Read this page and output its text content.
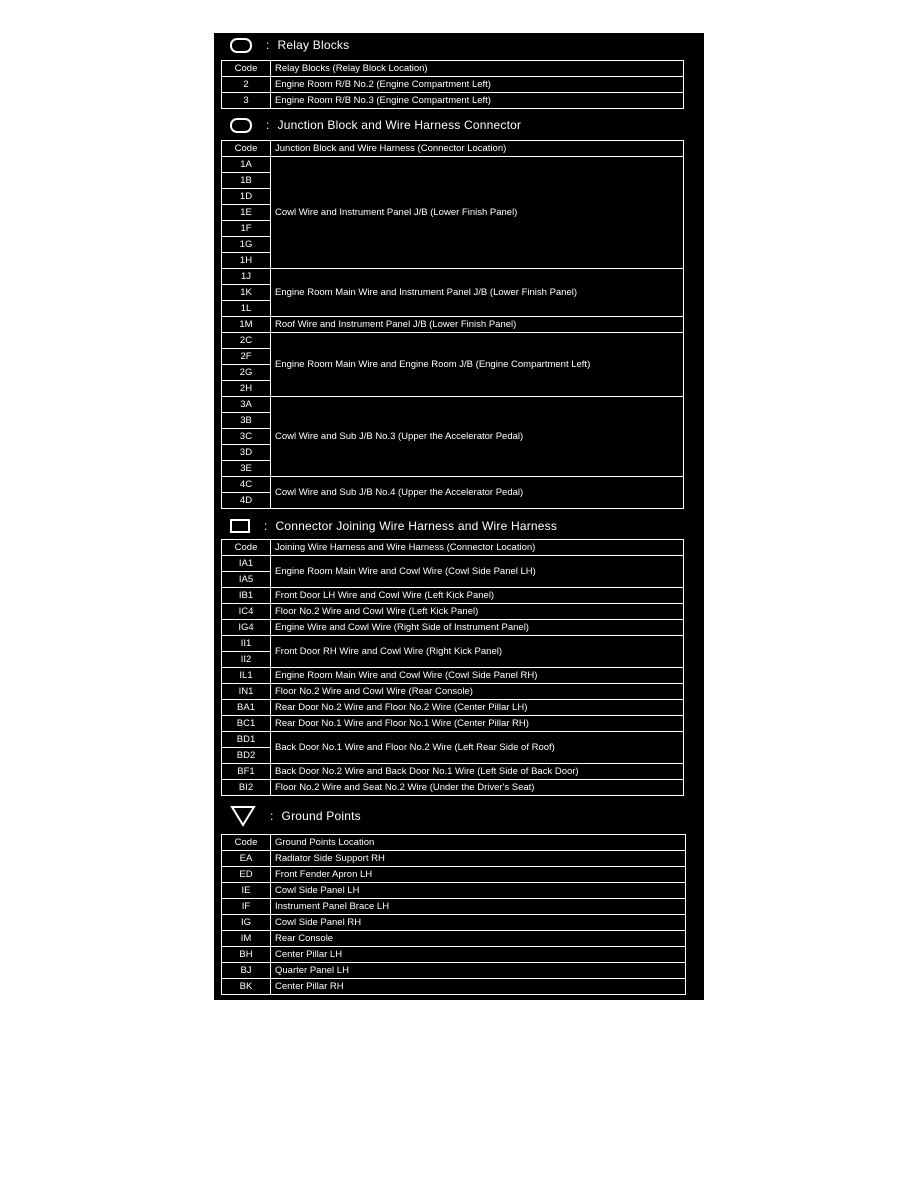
: Relay Blocks
Code	Relay Blocks (Relay Block Location)
2	Engine Room R/B No.2 (Engine Compartment Left)
3	Engine Room R/B No.3 (Engine Compartment Left)
: Junction Block and Wire Harness Connector
Code	Junction Block and Wire Harness (Connector Location)
1A	Cowl Wire and Instrument Panel J/B (Lower Finish Panel)
1B	
1D	
1E	
1F	
1G	
1H	
1J	Engine Room Main Wire and Instrument Panel J/B (Lower Finish Panel)
1K	
1L	
1M	Roof Wire and Instrument Panel J/B (Lower Finish Panel)
2C	Engine Room Main Wire and Engine Room J/B (Engine Compartment Left)
2F	
2G	
2H	
3A	Cowl Wire and Sub J/B No.3 (Upper the Accelerator Pedal)
3B	
3C	
3D	
3E	
4C	Cowl Wire and Sub J/B No.4 (Upper the Accelerator Pedal)
4D	
: Connector Joining Wire Harness and Wire Harness
Code	Joining Wire Harness and Wire Harness (Connector Location)
IA1	Engine Room Main Wire and Cowl Wire (Cowl Side Panel LH)
IA5	
IB1	Front Door LH Wire and Cowl Wire (Left Kick Panel)
IC4	Floor No.2 Wire and Cowl Wire (Left Kick Panel)
IG4	Engine Wire and Cowl Wire (Right Side of Instrument Panel)
II1	Front Door RH Wire and Cowl Wire (Right Kick Panel)
II2	
IL1	Engine Room Main Wire and Cowl Wire (Cowl Side Panel RH)
IN1	Floor No.2 Wire and Cowl Wire (Rear Console)
BA1	Rear Door No.2 Wire and Floor No.2 Wire (Center Pillar LH)
BC1	Rear Door No.1 Wire and Floor No.1 Wire (Center Pillar RH)
BD1	Back Door No.1 Wire and Floor No.2 Wire (Left Rear Side of Roof)
BD2	
BF1	Back Door No.2 Wire and Back Door No.1 Wire (Left Side of Back Door)
BI2	Floor No.2 Wire and Seat No.2 Wire (Under the Driver's Seat)
: Ground Points
Code	Ground Points Location
EA	Radiator Side Support RH
ED	Front Fender Apron LH
IE	Cowl Side Panel LH
IF	Instrument Panel Brace LH
IG	Cowl Side Panel RH
IM	Rear Console
BH	Center Pillar LH
BJ	Quarter Panel LH
BK	Center Pillar RH
